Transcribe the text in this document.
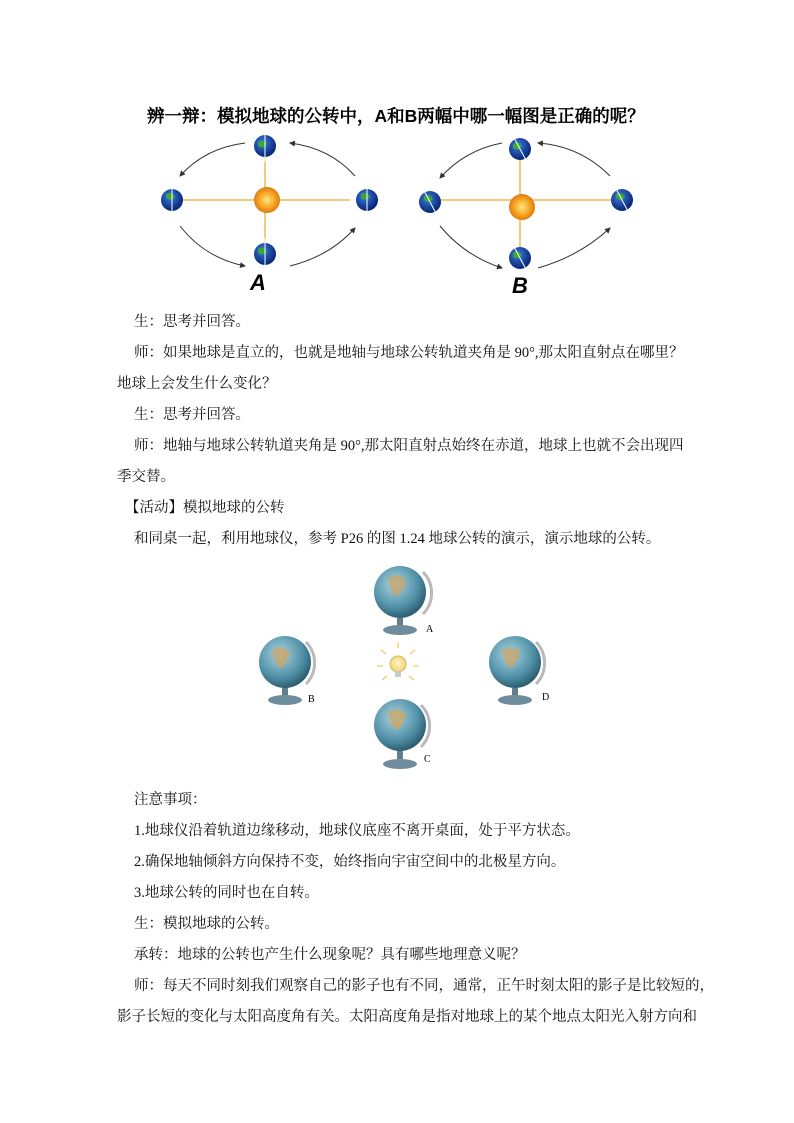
辨一辩：模拟地球的公转中，A和B两幅中哪一幅图是正确的呢？
A	B
生：思考并回答。
师：如果地球是直立的，也就是地轴与地球公转轨道夹角是 90°,那太阳直射点在哪里？
地球上会发生什么变化？
生：思考并回答。
师：地轴与地球公转轨道夹角是 90°,那太阳直射点始终在赤道，地球上也就不会出现四
季交替。
【活动】模拟地球的公转
和同桌一起，利用地球仪，参考 P26 的图 1.24 地球公转的演示，演示地球的公转。
A
B	D
C
注意事项：
1.地球仪沿着轨道边缘移动，地球仪底座不离开桌面，处于平方状态。
2.确保地轴倾斜方向保持不变，始终指向宇宙空间中的北极星方向。
3.地球公转的同时也在自转。
生：模拟地球的公转。
承转：地球的公转也产生什么现象呢？具有哪些地理意义呢？
师：每天不同时刻我们观察自己的影子也有不同，通常，正午时刻太阳的影子是比较短的，
影子长短的变化与太阳高度角有关。太阳高度角是指对地球上的某个地点太阳光入射方向和
